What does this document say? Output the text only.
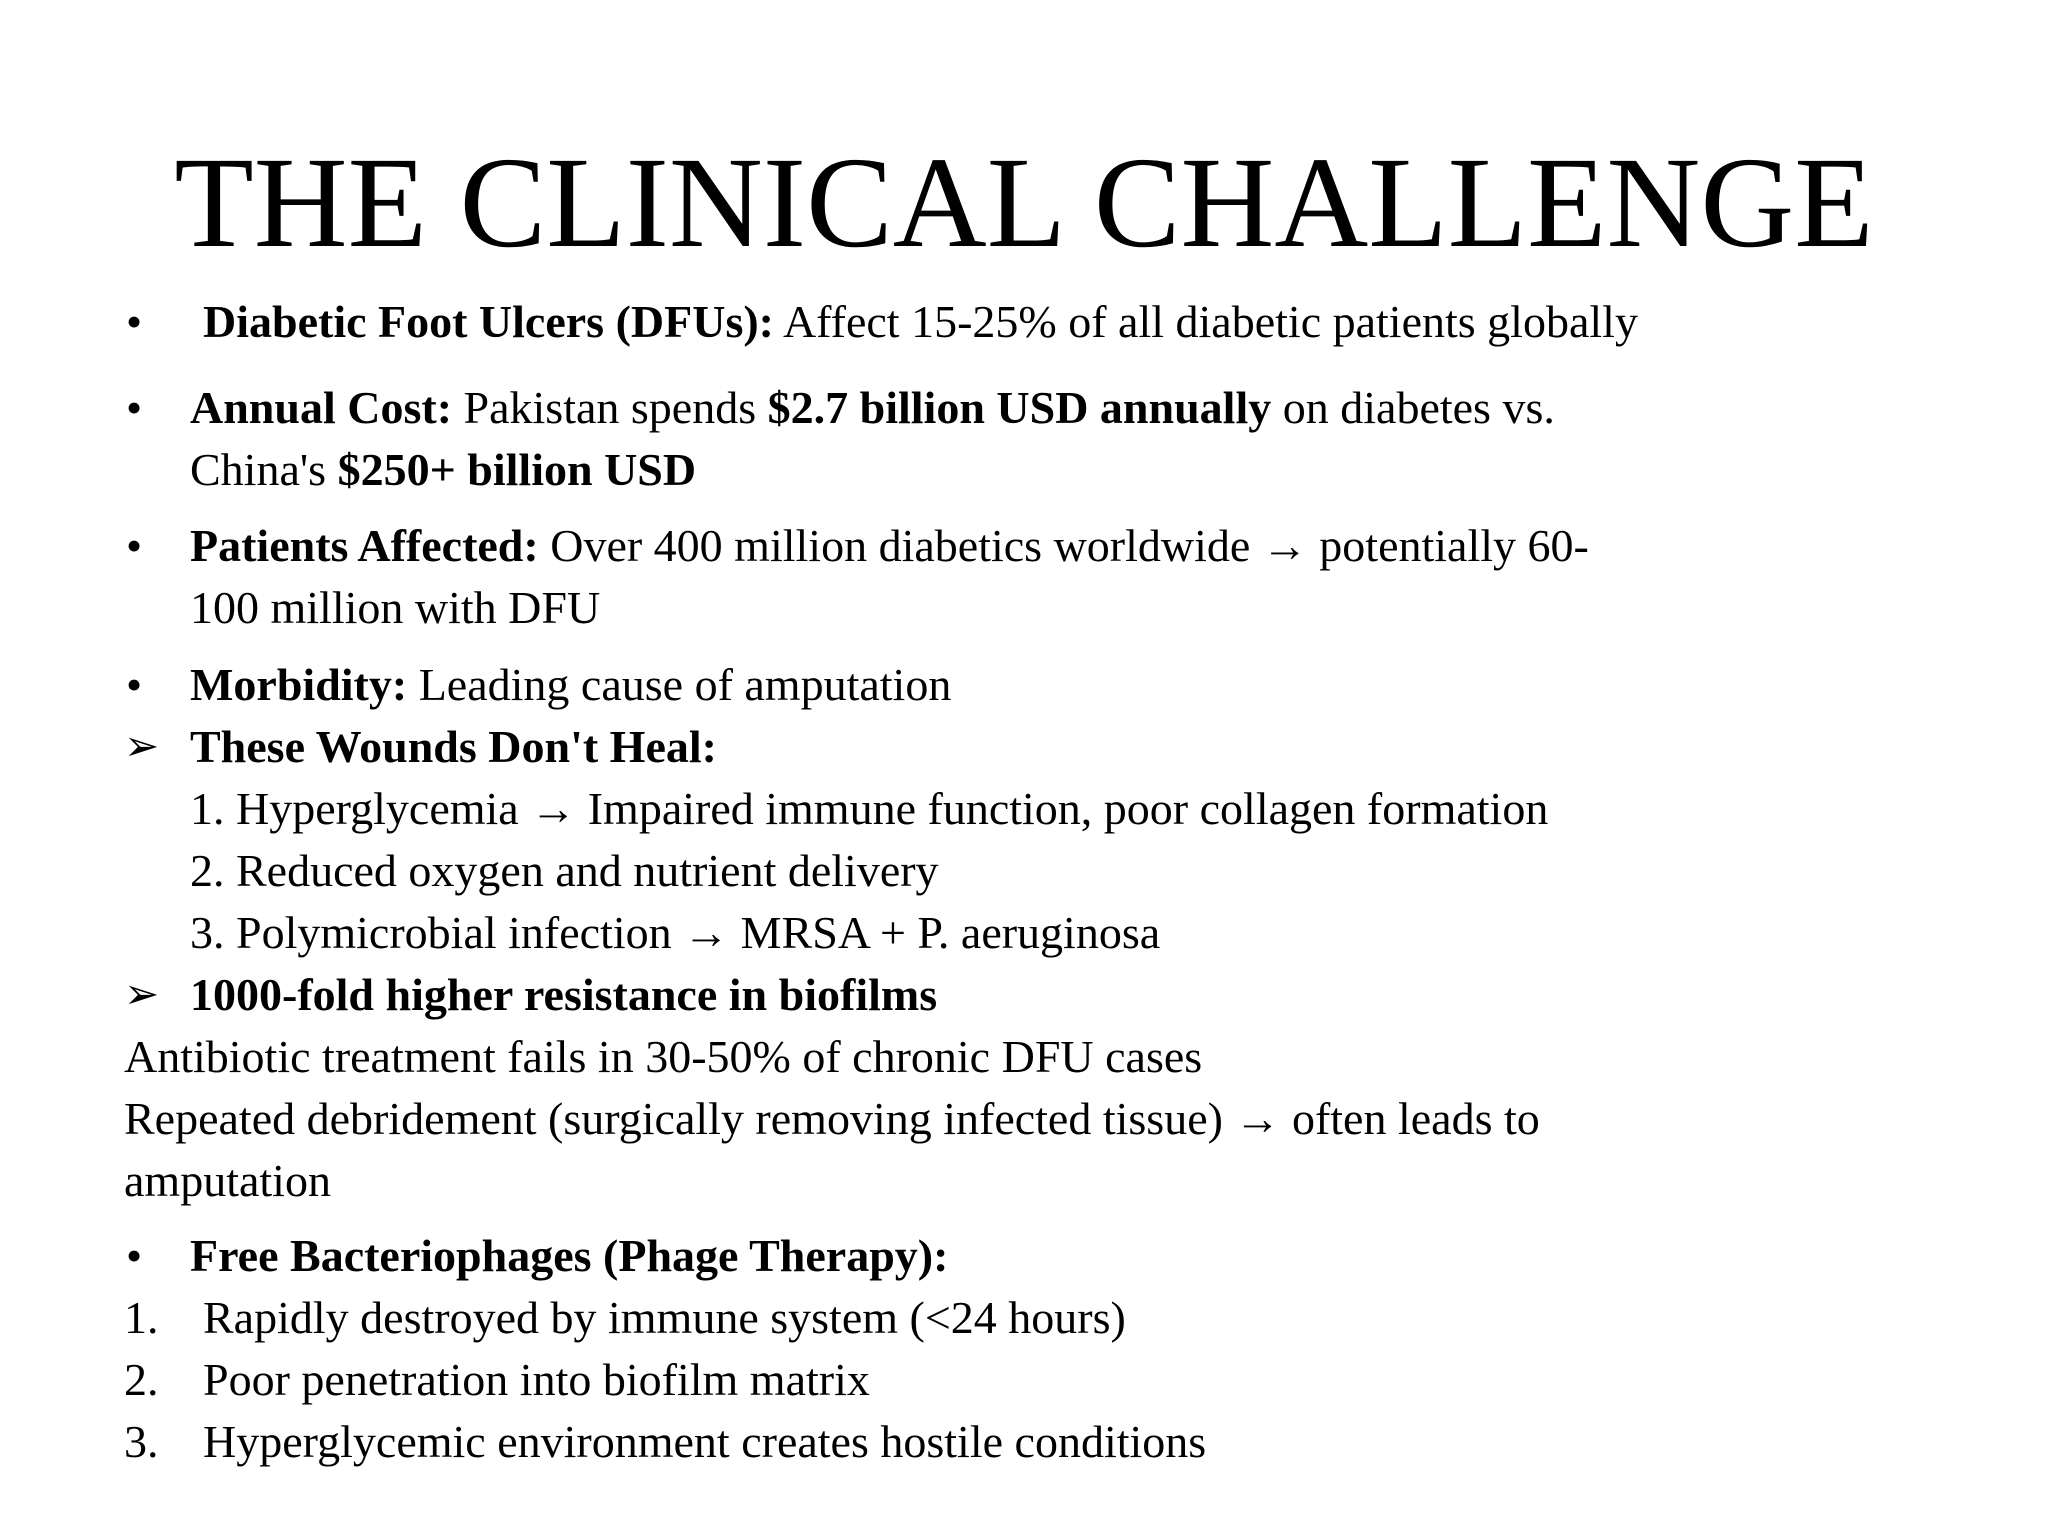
THE CLINICAL CHALLENGE
• Diabetic Foot Ulcers (DFUs): Affect 15-25% of all diabetic patients globally
• Annual Cost: Pakistan spends $2.7 billion USD annually on diabetes vs.
China's $250+ billion USD
• Patients Affected: Over 400 million diabetics worldwide → potentially 60-
100 million with DFU
• Morbidity: Leading cause of amputation
➢ These Wounds Don't Heal:
1. Hyperglycemia → Impaired immune function, poor collagen formation
2. Reduced oxygen and nutrient delivery
3. Polymicrobial infection → MRSA + P. aeruginosa
➢ 1000-fold higher resistance in biofilms
Antibiotic treatment fails in 30-50% of chronic DFU cases
Repeated debridement (surgically removing infected tissue) → often leads to
amputation
• Free Bacteriophages (Phage Therapy):
1. Rapidly destroyed by immune system (<24 hours)
2. Poor penetration into biofilm matrix
3. Hyperglycemic environment creates hostile conditions
